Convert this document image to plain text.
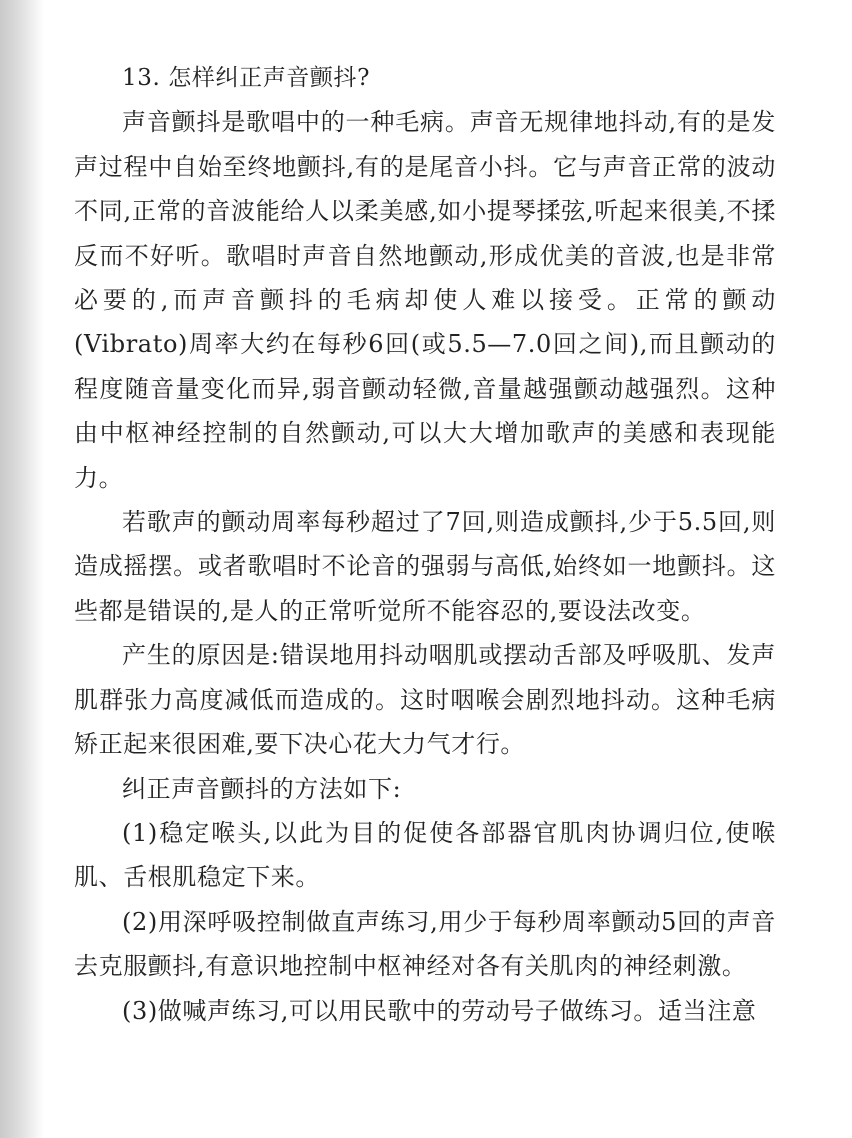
13. 怎样纠正声音颤抖?

声音颤抖是歌唱中的一种毛病。声音无规律地抖动,有的是发声过程中自始至终地颤抖,有的是尾音小抖。它与声音正常的波动不同,正常的音波能给人以柔美感,如小提琴揉弦,听起来很美,不揉反而不好听。歌唱时声音自然地颤动,形成优美的音波,也是非常必要的,而声音颤抖的毛病却使人难以接受。正常的颤动(Vibrato)周率大约在每秒6回(或5.5—7.0回之间),而且颤动的程度随音量变化而异,弱音颤动轻微,音量越强颤动越强烈。这种由中枢神经控制的自然颤动,可以大大增加歌声的美感和表现能力。

若歌声的颤动周率每秒超过了7回,则造成颤抖,少于5.5回,则造成摇摆。或者歌唱时不论音的强弱与高低,始终如一地颤抖。这些都是错误的,是人的正常听觉所不能容忍的,要设法改变。

产生的原因是:错误地用抖动咽肌或摆动舌部及呼吸肌、发声肌群张力高度减低而造成的。这时咽喉会剧烈地抖动。这种毛病矫正起来很困难,要下决心花大力气才行。

纠正声音颤抖的方法如下:

(1)稳定喉头,以此为目的促使各部器官肌肉协调归位,使喉肌、舌根肌稳定下来。

(2)用深呼吸控制做直声练习,用少于每秒周率颤动5回的声音去克服颤抖,有意识地控制中枢神经对各有关肌肉的神经刺激。

(3)做喊声练习,可以用民歌中的劳动号子做练习。适当注意
